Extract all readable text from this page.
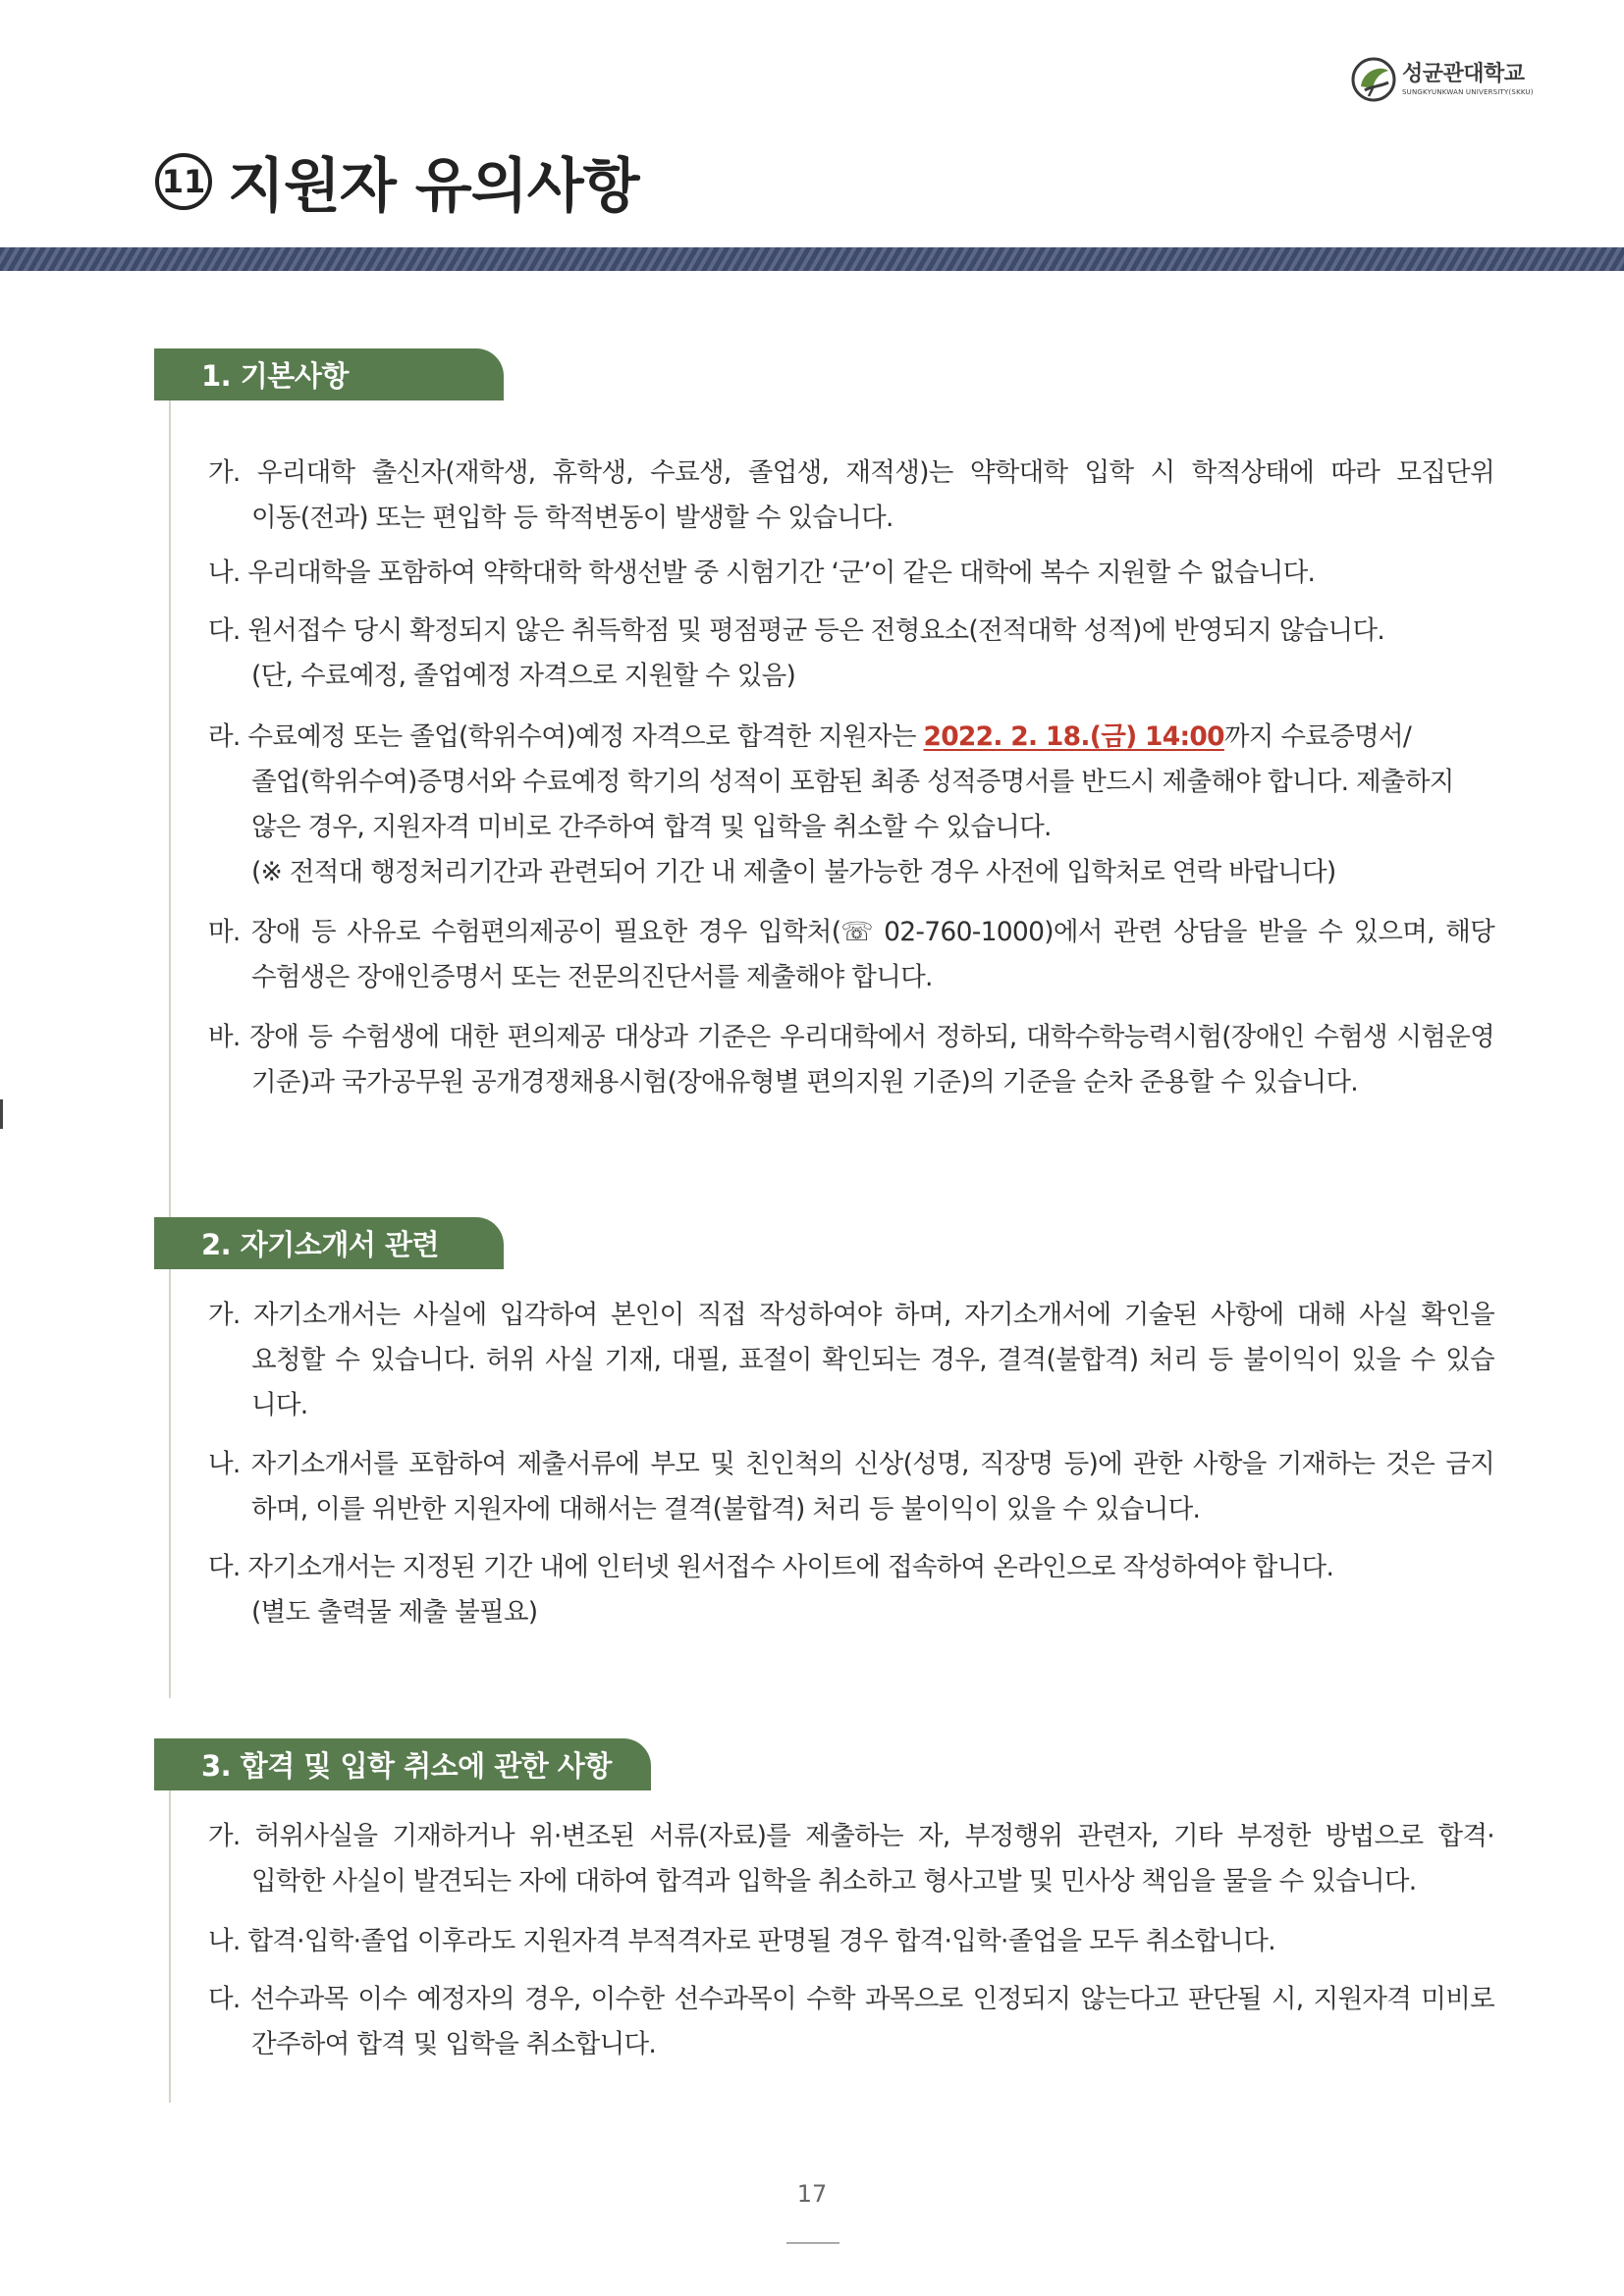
성균관대학교
SUNGKYUNKWAN UNIVERSITY(SKKU)
11 지원자 유의사항
1. 기본사항
가. 우리대학 출신자(재학생, 휴학생, 수료생, 졸업생, 재적생)는 약학대학 입학 시 학적상태에 따라 모집단위
이동(전과) 또는 편입학 등 학적변동이 발생할 수 있습니다.
나. 우리대학을 포함하여 약학대학 학생선발 중 시험기간 ‘군’이 같은 대학에 복수 지원할 수 없습니다.
다. 원서접수 당시 확정되지 않은 취득학점 및 평점평균 등은 전형요소(전적대학 성적)에 반영되지 않습니다.
(단, 수료예정, 졸업예정 자격으로 지원할 수 있음)
라. 수료예정 또는 졸업(학위수여)예정 자격으로 합격한 지원자는 2022. 2. 18.(금) 14:00까지 수료증명서/
졸업(학위수여)증명서와 수료예정 학기의 성적이 포함된 최종 성적증명서를 반드시 제출해야 합니다. 제출하지
않은 경우, 지원자격 미비로 간주하여 합격 및 입학을 취소할 수 있습니다.
(※ 전적대 행정처리기간과 관련되어 기간 내 제출이 불가능한 경우 사전에 입학처로 연락 바랍니다)
마. 장애 등 사유로 수험편의제공이 필요한 경우 입학처(☏ 02-760-1000)에서 관련 상담을 받을 수 있으며, 해당
수험생은 장애인증명서 또는 전문의진단서를 제출해야 합니다.
바. 장애 등 수험생에 대한 편의제공 대상과 기준은 우리대학에서 정하되, 대학수학능력시험(장애인 수험생 시험운영
기준)과 국가공무원 공개경쟁채용시험(장애유형별 편의지원 기준)의 기준을 순차 준용할 수 있습니다.
2. 자기소개서 관련
가. 자기소개서는 사실에 입각하여 본인이 직접 작성하여야 하며, 자기소개서에 기술된 사항에 대해 사실 확인을
요청할 수 있습니다. 허위 사실 기재, 대필, 표절이 확인되는 경우, 결격(불합격) 처리 등 불이익이 있을 수 있습
니다.
나. 자기소개서를 포함하여 제출서류에 부모 및 친인척의 신상(성명, 직장명 등)에 관한 사항을 기재하는 것은 금지
하며, 이를 위반한 지원자에 대해서는 결격(불합격) 처리 등 불이익이 있을 수 있습니다.
다. 자기소개서는 지정된 기간 내에 인터넷 원서접수 사이트에 접속하여 온라인으로 작성하여야 합니다.
(별도 출력물 제출 불필요)
3. 합격 및 입학 취소에 관한 사항
가. 허위사실을 기재하거나 위·변조된 서류(자료)를 제출하는 자, 부정행위 관련자, 기타 부정한 방법으로 합격·
입학한 사실이 발견되는 자에 대하여 합격과 입학을 취소하고 형사고발 및 민사상 책임을 물을 수 있습니다.
나. 합격·입학·졸업 이후라도 지원자격 부적격자로 판명될 경우 합격·입학·졸업을 모두 취소합니다.
다. 선수과목 이수 예정자의 경우, 이수한 선수과목이 수학 과목으로 인정되지 않는다고 판단될 시, 지원자격 미비로
간주하여 합격 및 입학을 취소합니다.
17
